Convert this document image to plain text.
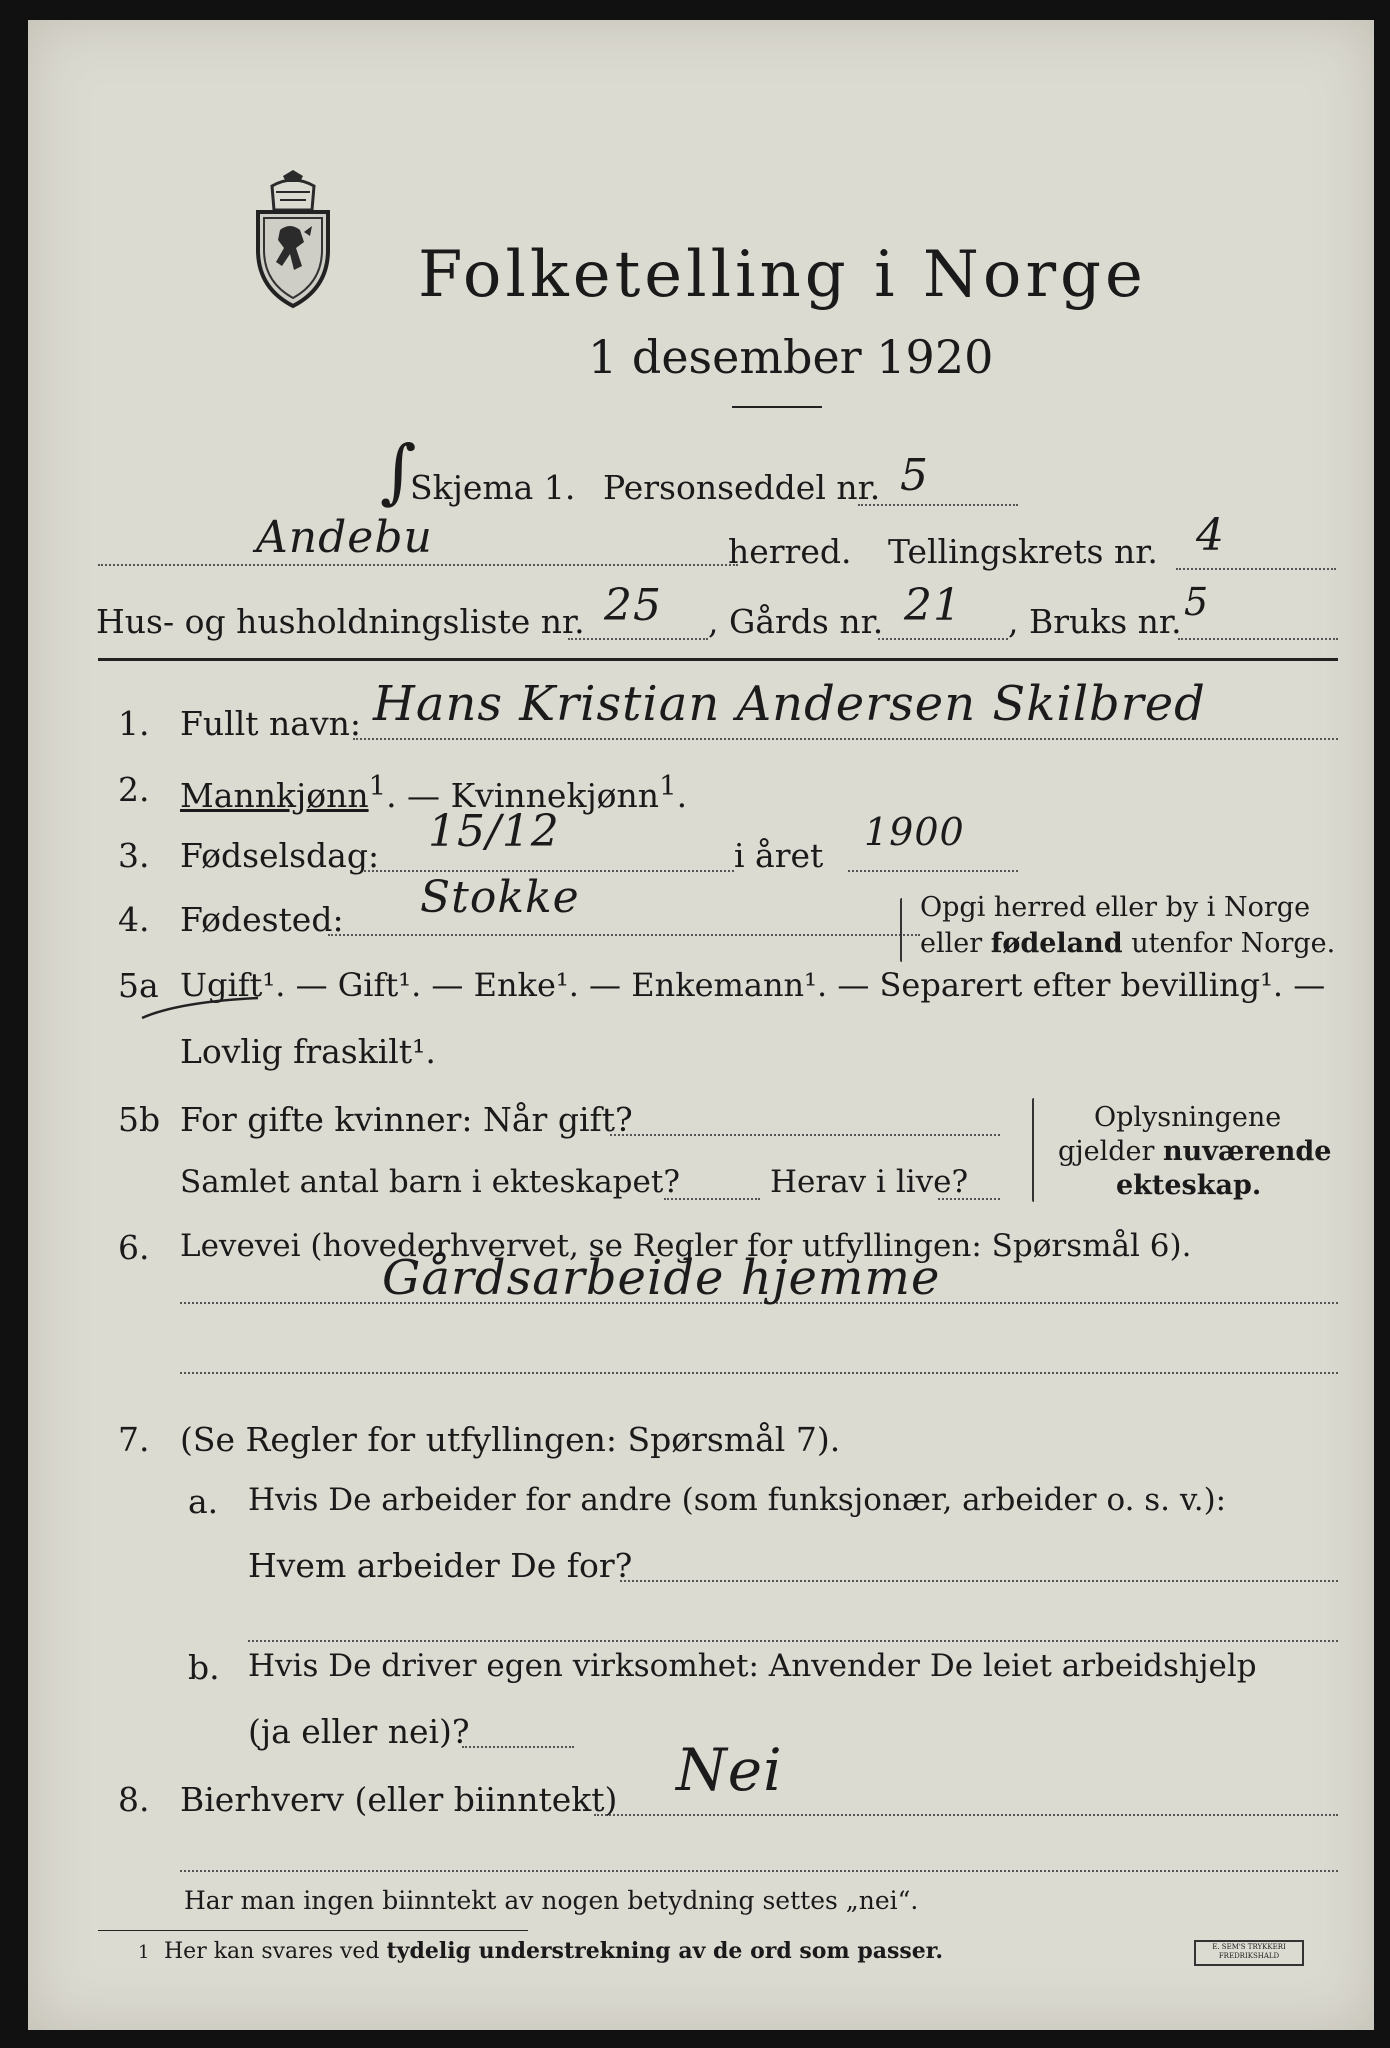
Folketelling i Norge
1 desember 1920
∫
Skjema 1. Personseddel nr. 5
Andebu	herred. Tellingskrets nr. 4
Hus- og husholdningsliste nr. 25 , Gårds nr. 21 , Bruks nr. 5
1. Fullt navn: Hans Kristian Andersen Skilbred
2. Mannkjønn$^1$. — Kvinnekjønn$^1$.
3. Fødselsdag: 15/12	i året
1900
4. Fødested: Stokke	Opgi herred eller by i Norge
eller fødeland utenfor Norge.
5a Ugift¹. — Gift¹. — Enke¹. — Enkemann¹. — Separert efter bevilling¹. —
Lovlig fraskilt¹.
5b For gifte kvinner: Når gift?
Samlet antal barn i ekteskapet?	Herav i live?
Oplysningene
gjelder nuværende
ekteskap.
6. Levevei (hovederhvervet, se Regler for utfyllingen: Spørsmål 6).
Gårdsarbeide hjemme
7. (Se Regler for utfyllingen: Spørsmål 7).
a. Hvis De arbeider for andre (som funksjonær, arbeider o. s. v.):
Hvem arbeider De for?
b. Hvis De driver egen virksomhet: Anvender De leiet arbeidshjelp
(ja eller nei)?
8. Bierhverv (eller biinntekt) Nei
Har man ingen biinntekt av nogen betydning settes „nei“.
1 Her kan svares ved tydelig understrekning av de ord som passer.	E. SEM'S TRYKKERI FREDRIKSHALD
